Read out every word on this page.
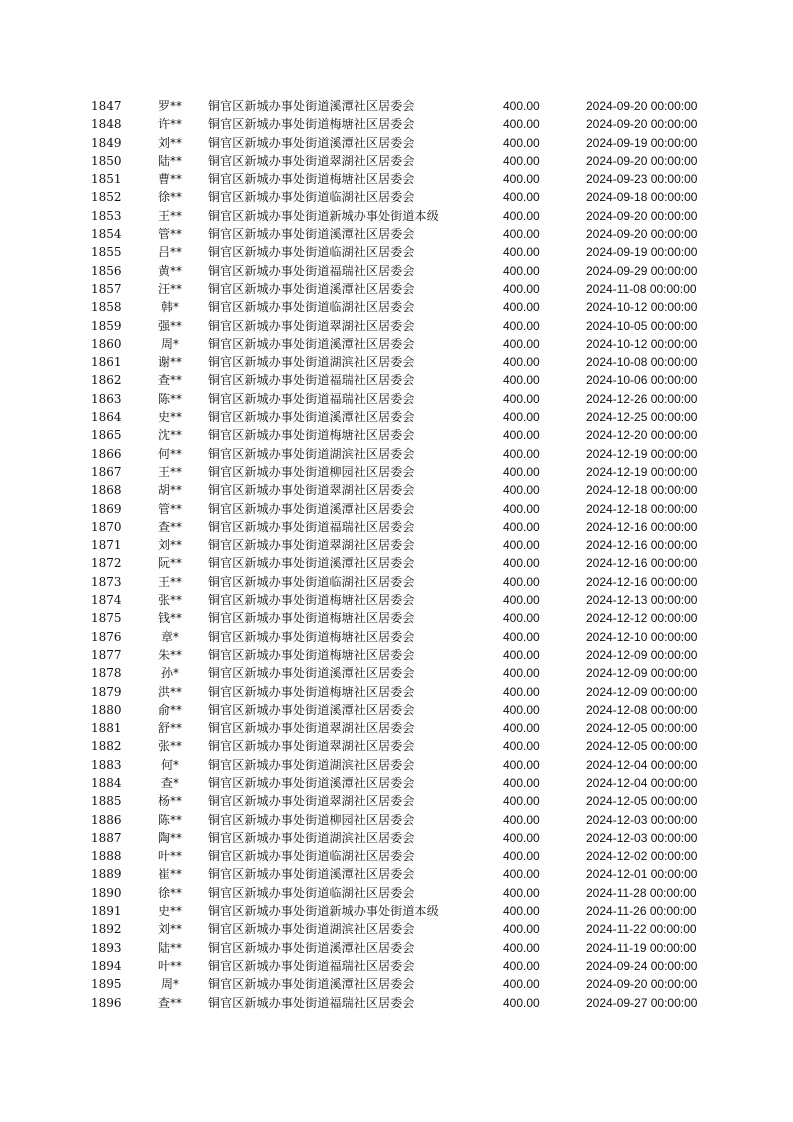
1847	罗**	铜官区新城办事处街道溪潭社区居委会	400.00	2024-09-20 00:00:00
1848	许**	铜官区新城办事处街道梅塘社区居委会	400.00	2024-09-20 00:00:00
1849	刘**	铜官区新城办事处街道溪潭社区居委会	400.00	2024-09-19 00:00:00
1850	陆**	铜官区新城办事处街道翠湖社区居委会	400.00	2024-09-20 00:00:00
1851	曹**	铜官区新城办事处街道梅塘社区居委会	400.00	2024-09-23 00:00:00
1852	徐**	铜官区新城办事处街道临湖社区居委会	400.00	2024-09-18 00:00:00
1853	王**	铜官区新城办事处街道新城办事处街道本级	400.00	2024-09-20 00:00:00
1854	管**	铜官区新城办事处街道溪潭社区居委会	400.00	2024-09-20 00:00:00
1855	吕**	铜官区新城办事处街道临湖社区居委会	400.00	2024-09-19 00:00:00
1856	黄**	铜官区新城办事处街道福瑞社区居委会	400.00	2024-09-29 00:00:00
1857	汪**	铜官区新城办事处街道溪潭社区居委会	400.00	2024-11-08 00:00:00
1858	韩*	铜官区新城办事处街道临湖社区居委会	400.00	2024-10-12 00:00:00
1859	强**	铜官区新城办事处街道翠湖社区居委会	400.00	2024-10-05 00:00:00
1860	周*	铜官区新城办事处街道溪潭社区居委会	400.00	2024-10-12 00:00:00
1861	谢**	铜官区新城办事处街道湖滨社区居委会	400.00	2024-10-08 00:00:00
1862	查**	铜官区新城办事处街道福瑞社区居委会	400.00	2024-10-06 00:00:00
1863	陈**	铜官区新城办事处街道福瑞社区居委会	400.00	2024-12-26 00:00:00
1864	史**	铜官区新城办事处街道溪潭社区居委会	400.00	2024-12-25 00:00:00
1865	沈**	铜官区新城办事处街道梅塘社区居委会	400.00	2024-12-20 00:00:00
1866	何**	铜官区新城办事处街道湖滨社区居委会	400.00	2024-12-19 00:00:00
1867	王**	铜官区新城办事处街道柳园社区居委会	400.00	2024-12-19 00:00:00
1868	胡**	铜官区新城办事处街道翠湖社区居委会	400.00	2024-12-18 00:00:00
1869	管**	铜官区新城办事处街道溪潭社区居委会	400.00	2024-12-18 00:00:00
1870	查**	铜官区新城办事处街道福瑞社区居委会	400.00	2024-12-16 00:00:00
1871	刘**	铜官区新城办事处街道翠湖社区居委会	400.00	2024-12-16 00:00:00
1872	阮**	铜官区新城办事处街道溪潭社区居委会	400.00	2024-12-16 00:00:00
1873	王**	铜官区新城办事处街道临湖社区居委会	400.00	2024-12-16 00:00:00
1874	张**	铜官区新城办事处街道梅塘社区居委会	400.00	2024-12-13 00:00:00
1875	钱**	铜官区新城办事处街道梅塘社区居委会	400.00	2024-12-12 00:00:00
1876	章*	铜官区新城办事处街道梅塘社区居委会	400.00	2024-12-10 00:00:00
1877	朱**	铜官区新城办事处街道梅塘社区居委会	400.00	2024-12-09 00:00:00
1878	孙*	铜官区新城办事处街道溪潭社区居委会	400.00	2024-12-09 00:00:00
1879	洪**	铜官区新城办事处街道梅塘社区居委会	400.00	2024-12-09 00:00:00
1880	俞**	铜官区新城办事处街道溪潭社区居委会	400.00	2024-12-08 00:00:00
1881	舒**	铜官区新城办事处街道翠湖社区居委会	400.00	2024-12-05 00:00:00
1882	张**	铜官区新城办事处街道翠湖社区居委会	400.00	2024-12-05 00:00:00
1883	何*	铜官区新城办事处街道湖滨社区居委会	400.00	2024-12-04 00:00:00
1884	查*	铜官区新城办事处街道溪潭社区居委会	400.00	2024-12-04 00:00:00
1885	杨**	铜官区新城办事处街道翠湖社区居委会	400.00	2024-12-05 00:00:00
1886	陈**	铜官区新城办事处街道柳园社区居委会	400.00	2024-12-03 00:00:00
1887	陶**	铜官区新城办事处街道湖滨社区居委会	400.00	2024-12-03 00:00:00
1888	叶**	铜官区新城办事处街道临湖社区居委会	400.00	2024-12-02 00:00:00
1889	崔**	铜官区新城办事处街道溪潭社区居委会	400.00	2024-12-01 00:00:00
1890	徐**	铜官区新城办事处街道临湖社区居委会	400.00	2024-11-28 00:00:00
1891	史**	铜官区新城办事处街道新城办事处街道本级	400.00	2024-11-26 00:00:00
1892	刘**	铜官区新城办事处街道湖滨社区居委会	400.00	2024-11-22 00:00:00
1893	陆**	铜官区新城办事处街道溪潭社区居委会	400.00	2024-11-19 00:00:00
1894	叶**	铜官区新城办事处街道福瑞社区居委会	400.00	2024-09-24 00:00:00
1895	周*	铜官区新城办事处街道溪潭社区居委会	400.00	2024-09-20 00:00:00
1896	查**	铜官区新城办事处街道福瑞社区居委会	400.00	2024-09-27 00:00:00
